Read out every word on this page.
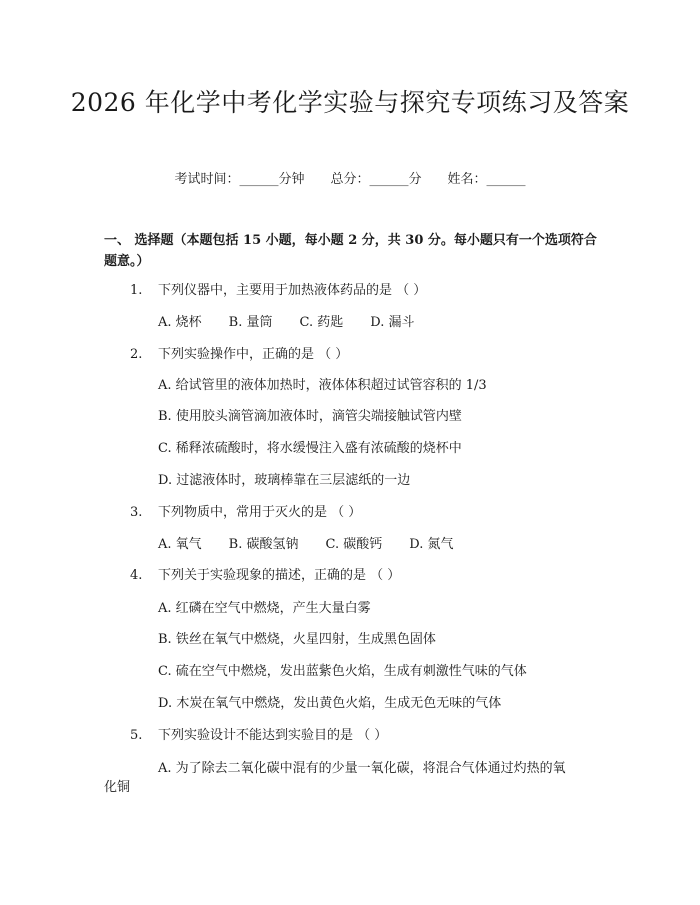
2026 年化学中考化学实验与探究专项练习及答案
考试时间：______分钟 总分：______分 姓名：______
一、 选择题（本题包括 15 小题，每小题 2 分，共 30 分。每小题只有一个选项符合题意。）
1. 下列仪器中，主要用于加热液体药品的是 （ ）
A. 烧杯 B. 量筒 C. 药匙 D. 漏斗
2. 下列实验操作中，正确的是 （ ）
A. 给试管里的液体加热时，液体体积超过试管容积的 1/3
B. 使用胶头滴管滴加液体时，滴管尖端接触试管内壁
C. 稀释浓硫酸时，将水缓慢注入盛有浓硫酸的烧杯中
D. 过滤液体时，玻璃棒靠在三层滤纸的一边
3. 下列物质中，常用于灭火的是 （ ）
A. 氧气 B. 碳酸氢钠 C. 碳酸钙 D. 氮气
4. 下列关于实验现象的描述，正确的是 （ ）
A. 红磷在空气中燃烧，产生大量白雾
B. 铁丝在氧气中燃烧，火星四射，生成黑色固体
C. 硫在空气中燃烧，发出蓝紫色火焰，生成有刺激性气味的气体
D. 木炭在氧气中燃烧，发出黄色火焰，生成无色无味的气体
5. 下列实验设计不能达到实验目的是 （ ）
A. 为了除去二氧化碳中混有的少量一氧化碳，将混合气体通过灼热的氧
化铜
